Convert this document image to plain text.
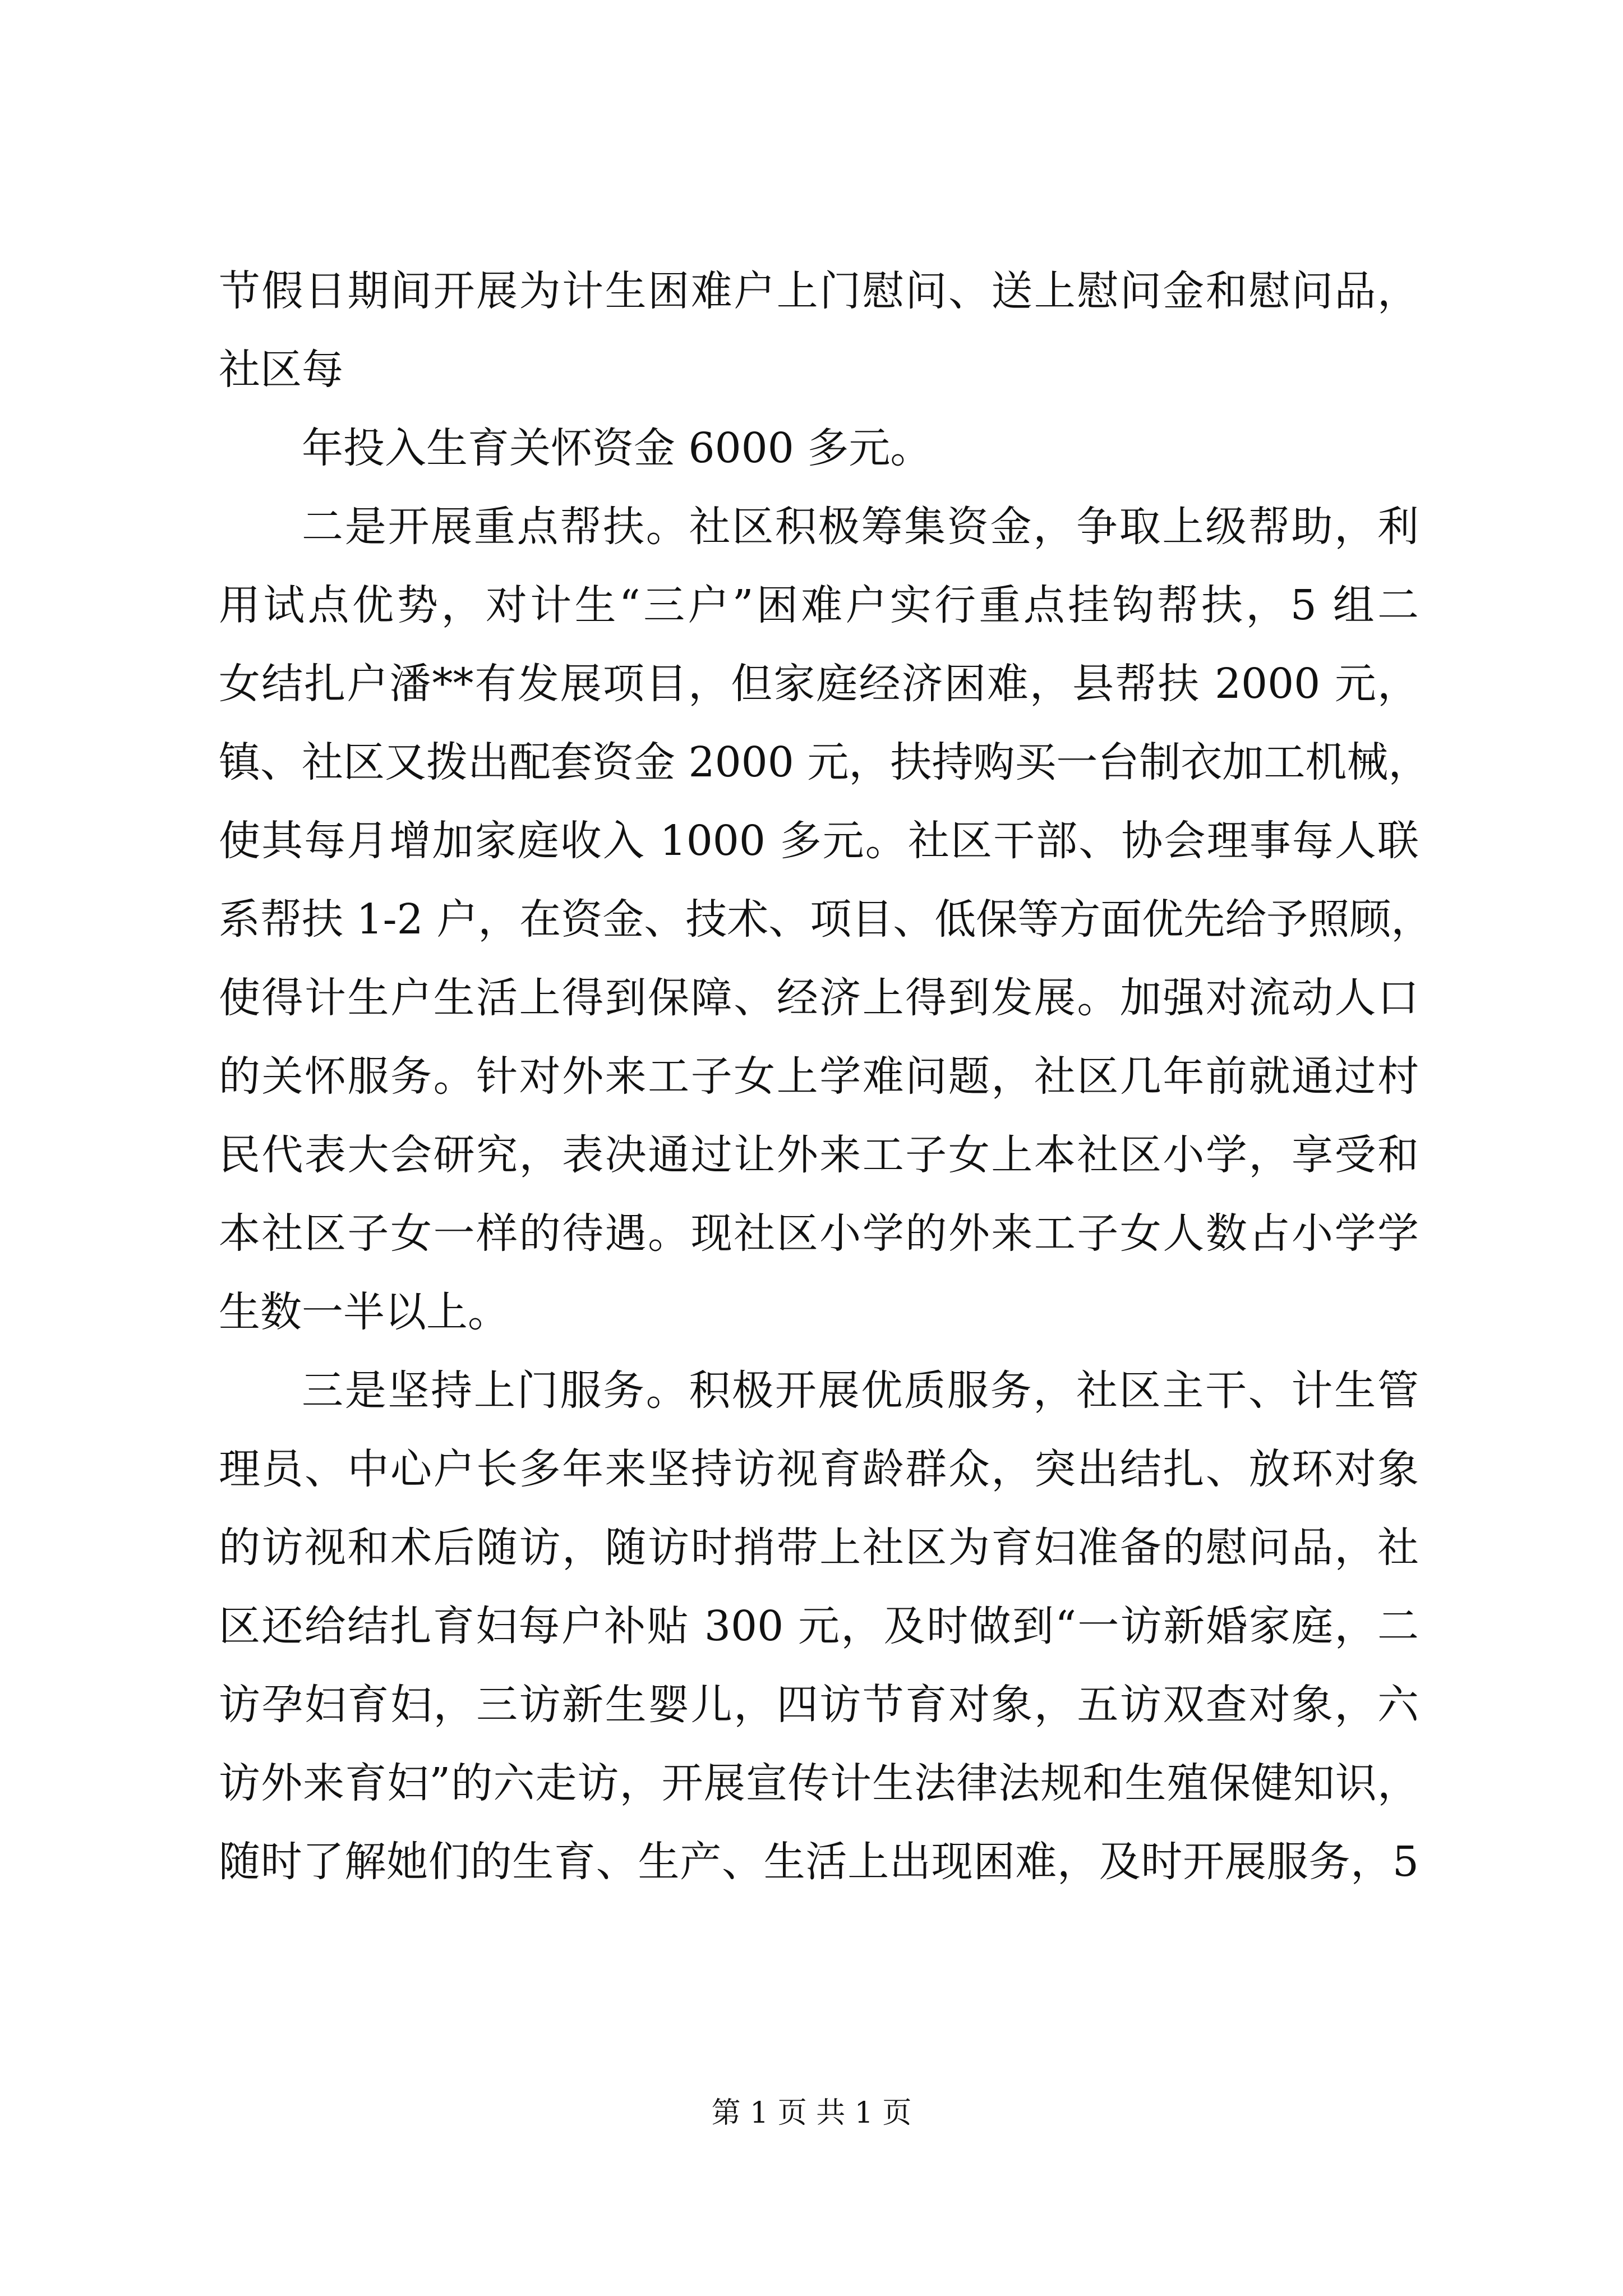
节假日期间开展为计生困难户上门慰问、送上慰问金和慰问品，
社区每
年投入生育关怀资金 6000 多元。
二是开展重点帮扶。社区积极筹集资金，争取上级帮助，利
用试点优势，对计生“三户”困难户实行重点挂钩帮扶，5 组二
女结扎户潘**有发展项目，但家庭经济困难，县帮扶 2000 元，
镇、社区又拨出配套资金 2000 元，扶持购买一台制衣加工机械，
使其每月增加家庭收入 1000 多元。社区干部、协会理事每人联
系帮扶 1-2 户，在资金、技术、项目、低保等方面优先给予照顾，
使得计生户生活上得到保障、经济上得到发展。加强对流动人口
的关怀服务。针对外来工子女上学难问题，社区几年前就通过村
民代表大会研究，表决通过让外来工子女上本社区小学，享受和
本社区子女一样的待遇。现社区小学的外来工子女人数占小学学
生数一半以上。
三是坚持上门服务。积极开展优质服务，社区主干、计生管
理员、中心户长多年来坚持访视育龄群众，突出结扎、放环对象
的访视和术后随访，随访时捎带上社区为育妇准备的慰问品，社
区还给结扎育妇每户补贴 300 元，及时做到“一访新婚家庭，二
访孕妇育妇，三访新生婴儿，四访节育对象，五访双查对象，六
访外来育妇”的六走访，开展宣传计生法律法规和生殖保健知识，
随时了解她们的生育、生产、生活上出现困难，及时开展服务，5
第 1 页 共 1 页
